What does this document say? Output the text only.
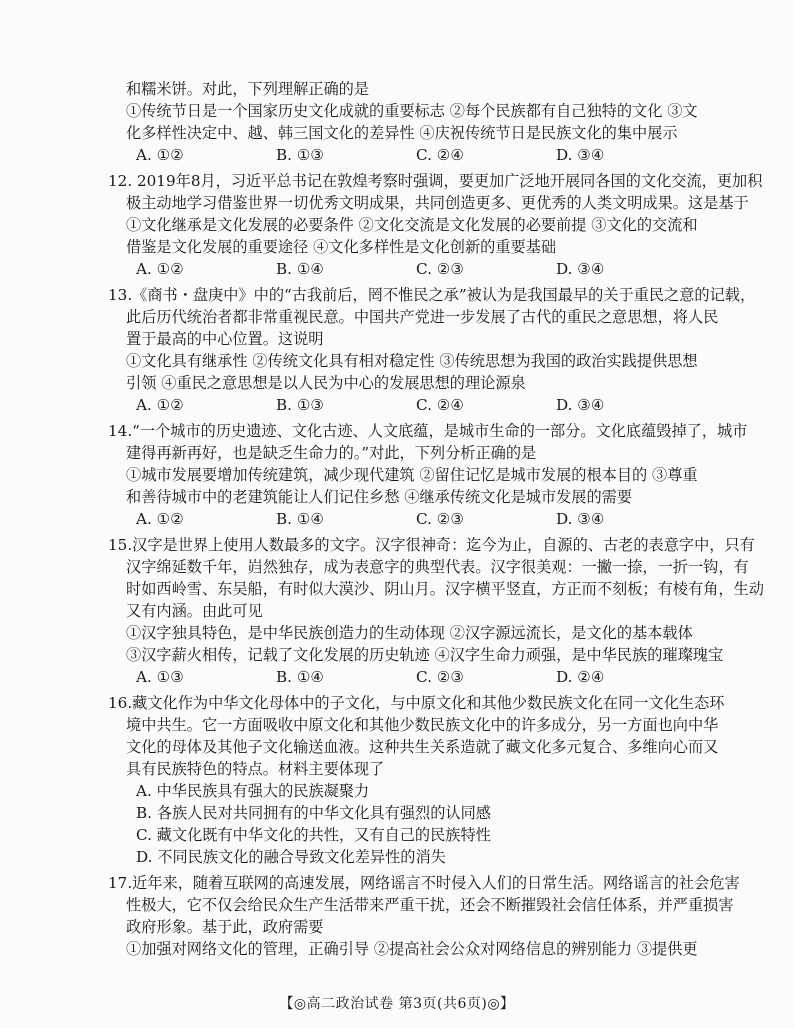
和糯米饼。对此，下列理解正确的是
①传统节日是一个国家历史文化成就的重要标志 ②每个民族都有自己独特的文化 ③文
化多样性决定中、越、韩三国文化的差异性 ④庆祝传统节日是民族文化的集中展示
A. ①②	B. ①③	C. ②④	D. ③④
12. 2019年8月，习近平总书记在敦煌考察时强调，要更加广泛地开展同各国的文化交流，更加积
极主动地学习借鉴世界一切优秀文明成果，共同创造更多、更优秀的人类文明成果。这是基于
①文化继承是文化发展的必要条件 ②文化交流是文化发展的必要前提 ③文化的交流和
借鉴是文化发展的重要途径 ④文化多样性是文化创新的重要基础
A. ①②	B. ①④	C. ②③	D. ③④
13.《商书・盘庚中》中的“古我前后，罔不惟民之承”被认为是我国最早的关于重民之意的记载，
此后历代统治者都非常重视民意。中国共产党进一步发展了古代的重民之意思想，将人民
置于最高的中心位置。这说明
①文化具有继承性 ②传统文化具有相对稳定性 ③传统思想为我国的政治实践提供思想
引领 ④重民之意思想是以人民为中心的发展思想的理论源泉
A. ①②	B. ①③	C. ②④	D. ③④
14.“一个城市的历史遗迹、文化古迹、人文底蕴，是城市生命的一部分。文化底蕴毁掉了，城市
建得再新再好，也是缺乏生命力的。”对此，下列分析正确的是
①城市发展要增加传统建筑，减少现代建筑 ②留住记忆是城市发展的根本目的 ③尊重
和善待城市中的老建筑能让人们记住乡愁 ④继承传统文化是城市发展的需要
A. ①②	B. ①④	C. ②③	D. ③④
15.汉字是世界上使用人数最多的文字。汉字很神奇：迄今为止，自源的、古老的表意字中，只有
汉字绵延数千年，岿然独存，成为表意字的典型代表。汉字很美观：一撇一捺，一折一钩，有
时如西岭雪、东吴船，有时似大漠沙、阴山月。汉字横平竖直，方正而不刻板；有棱有角，生动
又有内涵。由此可见
①汉字独具特色，是中华民族创造力的生动体现 ②汉字源远流长，是文化的基本载体
③汉字薪火相传，记载了文化发展的历史轨迹 ④汉字生命力顽强，是中华民族的璀璨瑰宝
A. ①③	B. ①④	C. ②③	D. ②④
16.藏文化作为中华文化母体中的子文化，与中原文化和其他少数民族文化在同一文化生态环
境中共生。它一方面吸收中原文化和其他少数民族文化中的许多成分，另一方面也向中华
文化的母体及其他子文化输送血液。这种共生关系造就了藏文化多元复合、多维向心而又
具有民族特色的特点。材料主要体现了
A. 中华民族具有强大的民族凝聚力
B. 各族人民对共同拥有的中华文化具有强烈的认同感
C. 藏文化既有中华文化的共性，又有自己的民族特性
D. 不同民族文化的融合导致文化差异性的消失
17.近年来，随着互联网的高速发展，网络谣言不时侵入人们的日常生活。网络谣言的社会危害
性极大，它不仅会给民众生产生活带来严重干扰，还会不断摧毁社会信任体系，并严重损害
政府形象。基于此，政府需要
①加强对网络文化的管理，正确引导 ②提高社会公众对网络信息的辨别能力 ③提供更
【◎高二政治试卷 第3页(共6页)◎】
